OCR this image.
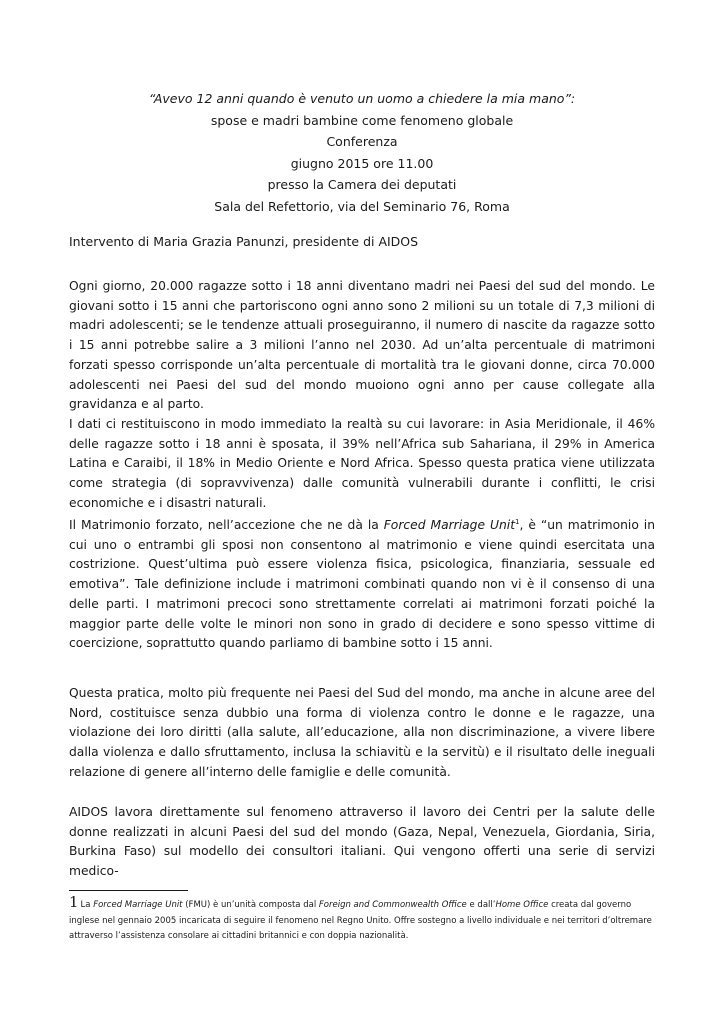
“Avevo 12 anni quando è venuto un uomo a chiedere la mia mano”:
spose e madri bambine come fenomeno globale
Conferenza
giugno 2015 ore 11.00
presso la Camera dei deputati
Sala del Refettorio, via del Seminario 76, Roma
Intervento di Maria Grazia Panunzi, presidente di AIDOS

Ogni giorno, 20.000 ragazze sotto i 18 anni diventano madri nei Paesi del sud del mondo. Le giovani sotto i 15 anni che partoriscono ogni anno sono 2 milioni su un totale di 7,3 milioni di madri adolescenti; se le tendenze attuali proseguiranno, il numero di nascite da ragazze sotto i 15 anni potrebbe salire a 3 milioni l’anno nel 2030. Ad un’alta percentuale di matrimoni forzati spesso corrisponde un’alta percentuale di mortalità tra le giovani donne, circa 70.000 adolescenti nei Paesi del sud del mondo muoiono ogni anno per cause collegate alla gravidanza e al parto.

I dati ci restituiscono in modo immediato la realtà su cui lavorare: in Asia Meridionale, il 46% delle ragazze sotto i 18 anni è sposata, il 39% nell’Africa sub Sahariana, il 29% in America Latina e Caraibi, il 18% in Medio Oriente e Nord Africa. Spesso questa pratica viene utilizzata come strategia (di sopravvivenza) dalle comunità vulnerabili durante i conflitti, le crisi economiche e i disastri naturali.

Il Matrimonio forzato, nell’accezione che ne dà la Forced Marriage Unit$^1$, è “un matrimonio in cui uno o entrambi gli sposi non consentono al matrimonio e viene quindi esercitata una costrizione. Quest’ultima può essere violenza fisica, psicologica, finanziaria, sessuale ed emotiva”. Tale definizione include i matrimoni combinati quando non vi è il consenso di una delle parti. I matrimoni precoci sono strettamente correlati ai matrimoni forzati poiché la maggior parte delle volte le minori non sono in grado di decidere e sono spesso vittime di coercizione, soprattutto quando parliamo di bambine sotto i 15 anni.

Questa pratica, molto più frequente nei Paesi del Sud del mondo, ma anche in alcune aree del Nord, costituisce senza dubbio una forma di violenza contro le donne e le ragazze, una violazione dei loro diritti (alla salute, all’educazione, alla non discriminazione, a vivere libere dalla violenza e dallo sfruttamento, inclusa la schiavitù e la servitù) e il risultato delle ineguali relazione di genere all’interno delle famiglie e delle comunità.

AIDOS lavora direttamente sul fenomeno attraverso il lavoro dei Centri per la salute delle donne realizzati in alcuni Paesi del sud del mondo (Gaza, Nepal, Venezuela, Giordania, Siria, Burkina Faso) sul modello dei consultori italiani. Qui vengono offerti una serie di servizi medico-

1 La Forced Marriage Unit (FMU) è un’unità composta dal Foreign and Commonwealth Office e dall’Home Office creata dal governo inglese nel gennaio 2005 incaricata di seguire il fenomeno nel Regno Unito. Offre sostegno a livello individuale e nei territori d’oltremare attraverso l’assistenza consolare ai cittadini britannici e con doppia nazionalità.
